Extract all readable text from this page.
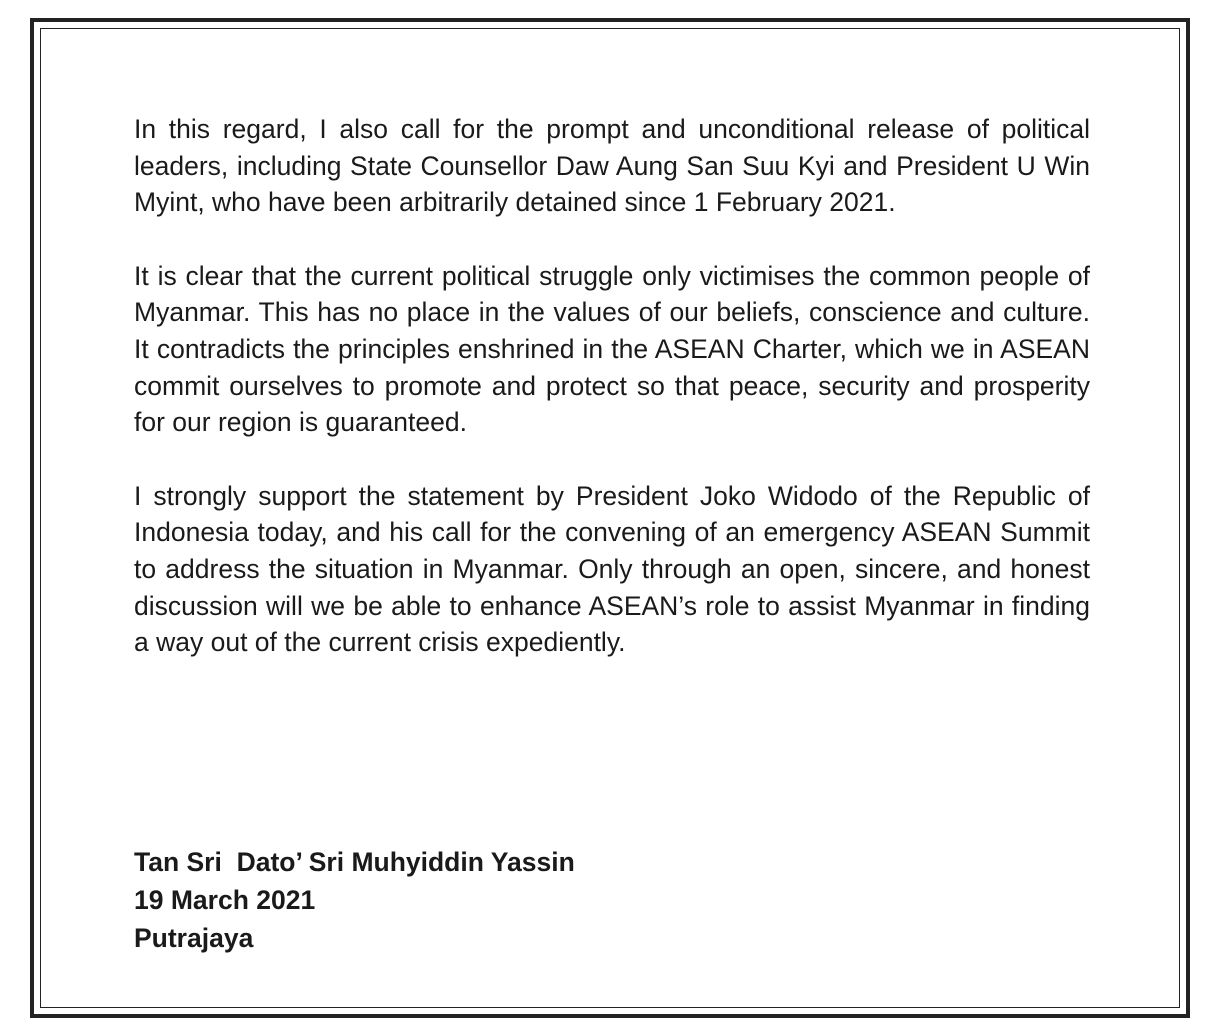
In this regard, I also call for the prompt and unconditional release of political leaders, including State Counsellor Daw Aung San Suu Kyi and President U Win Myint, who have been arbitrarily detained since 1 February 2021.

It is clear that the current political struggle only victimises the common people of Myanmar. This has no place in the values of our beliefs, conscience and culture. It contradicts the principles enshrined in the ASEAN Charter, which we in ASEAN commit ourselves to promote and protect so that peace, security and prosperity for our region is guaranteed.

I strongly support the statement by President Joko Widodo of the Republic of Indonesia today, and his call for the convening of an emergency ASEAN Summit to address the situation in Myanmar. Only through an open, sincere, and honest discussion will we be able to enhance ASEAN’s role to assist Myanmar in finding a way out of the current crisis expediently.

Tan Sri  Dato’ Sri Muhyiddin Yassin
19 March 2021
Putrajaya
